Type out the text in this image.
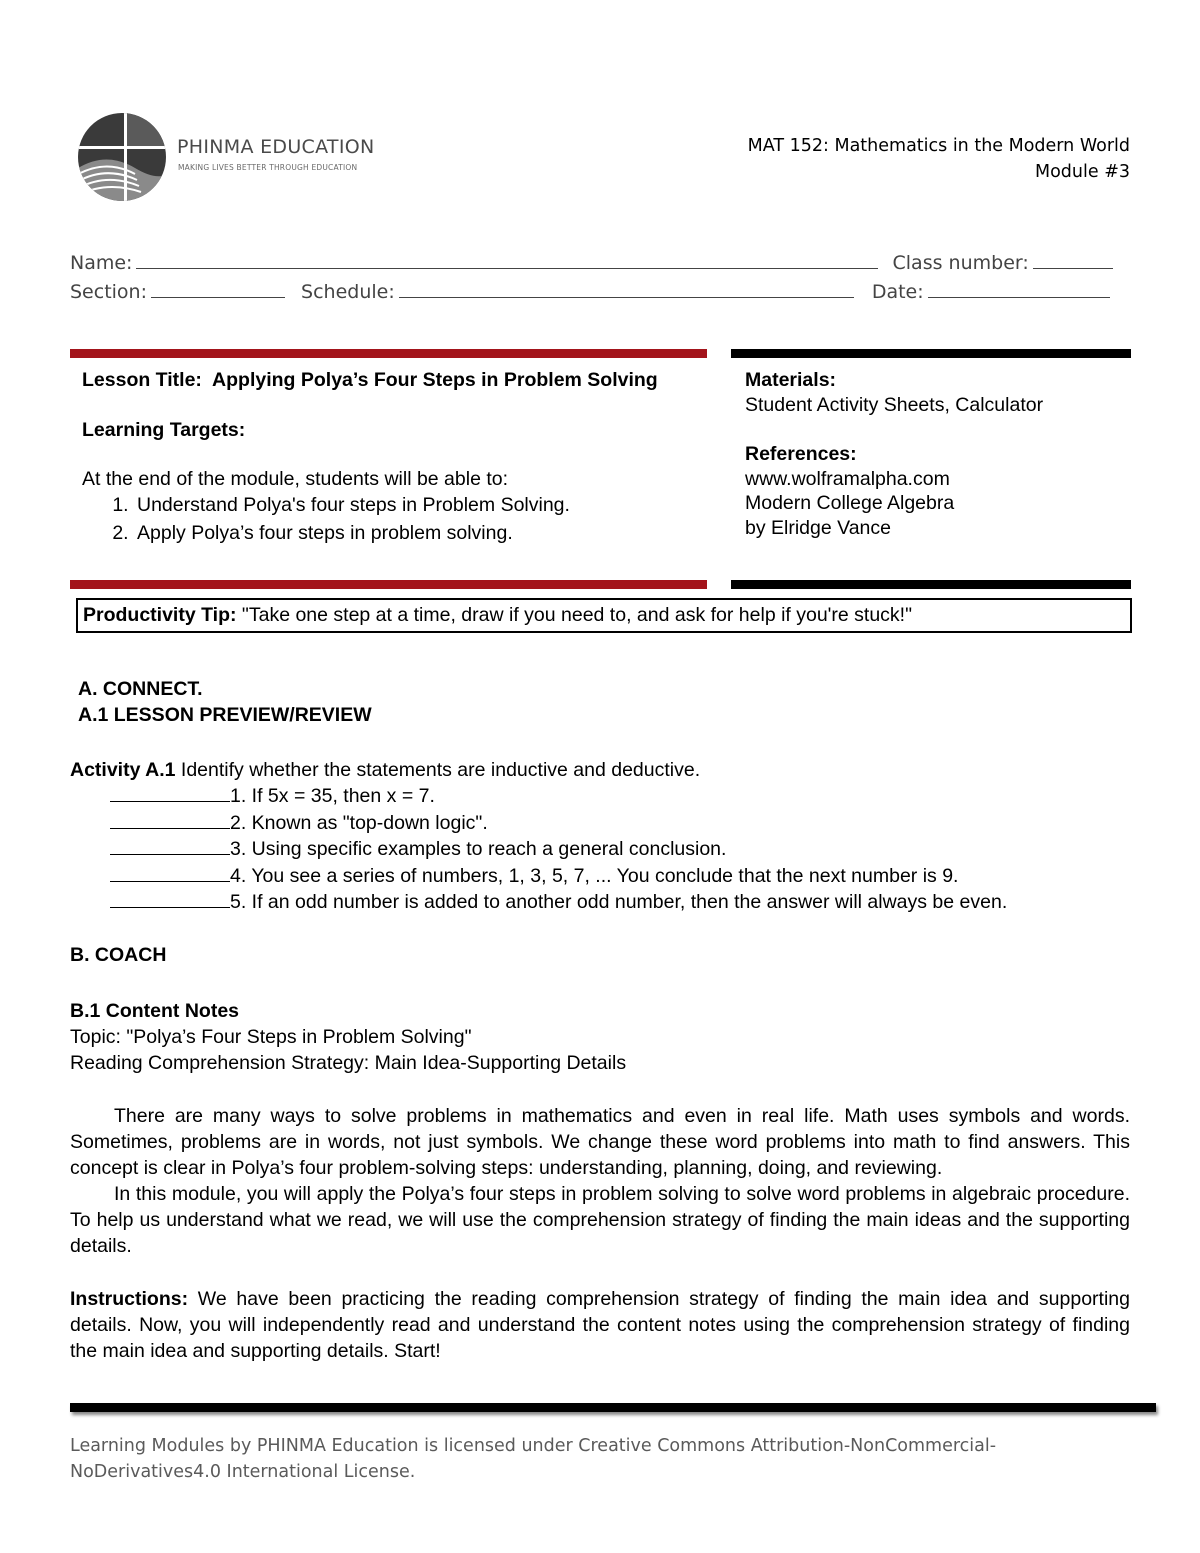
PHINMA EDUCATION
MAKING LIVES BETTER THROUGH EDUCATION
MAT 152: Mathematics in the Modern World
Module #3
Name:	Class number:
Section:	Schedule:	Date:
Lesson Title: Applying Polya’s Four Steps in Problem Solving
Learning Targets:
At the end of the module, students will be able to:
1. Understand Polya's four steps in Problem Solving.
2. Apply Polya’s four steps in problem solving.
Materials:
Student Activity Sheets, Calculator
References:
www.wolframalpha.com
Modern College Algebra
by Elridge Vance
Productivity Tip: "Take one step at a time, draw if you need to, and ask for help if you're stuck!"
A. CONNECT.
A.1 LESSON PREVIEW/REVIEW
Activity A.1 Identify whether the statements are inductive and deductive.
1. If 5x = 35, then x = 7.
2. Known as "top-down logic".
3. Using specific examples to reach a general conclusion.
4. You see a series of numbers, 1, 3, 5, 7, ... You conclude that the next number is 9.
5. If an odd number is added to another odd number, then the answer will always be even.
B. COACH
B.1 Content Notes
Topic: "Polya’s Four Steps in Problem Solving"
Reading Comprehension Strategy: Main Idea-Supporting Details
There are many ways to solve problems in mathematics and even in real life. Math uses symbols and words. Sometimes, problems are in words, not just symbols. We change these word problems into math to find answers. This concept is clear in Polya’s four problem-solving steps: understanding, planning, doing, and reviewing.
In this module, you will apply the Polya’s four steps in problem solving to solve word problems in algebraic procedure. To help us understand what we read, we will use the comprehension strategy of finding the main ideas and the supporting details.
Instructions: We have been practicing the reading comprehension strategy of finding the main idea and supporting details. Now, you will independently read and understand the content notes using the comprehension strategy of finding the main idea and supporting details. Start!
Learning Modules by PHINMA Education is licensed under Creative Commons Attribution-NonCommercial-NoDerivatives4.0 International License.
